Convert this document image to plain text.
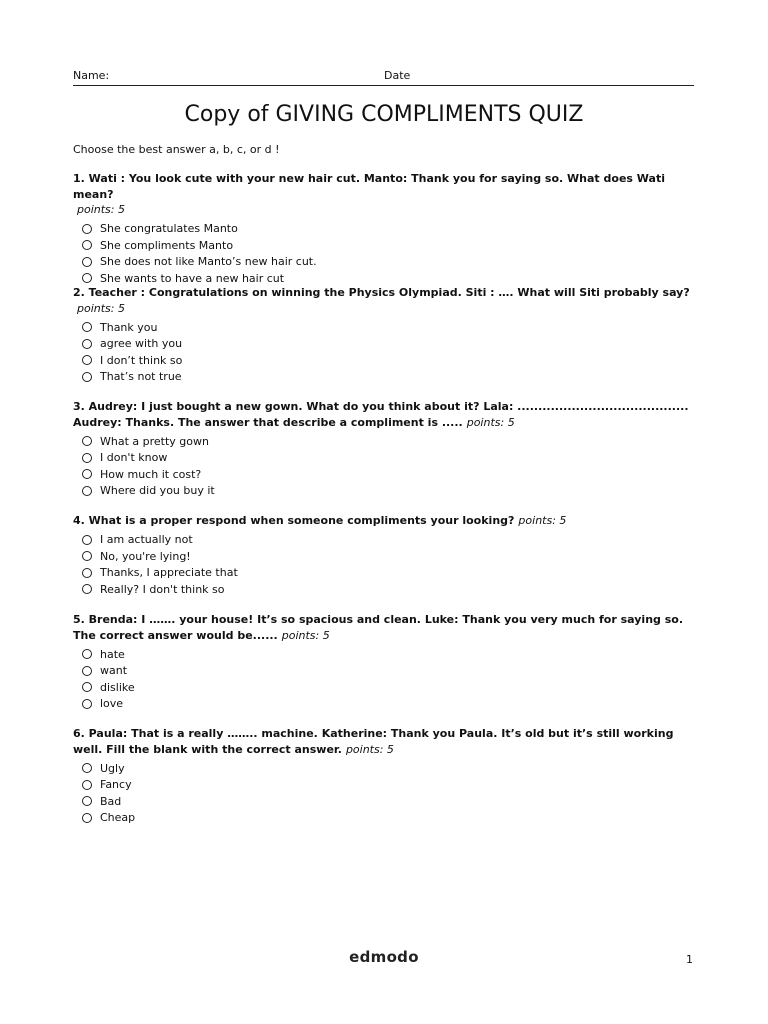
Name:	Date
Copy of GIVING COMPLIMENTS QUIZ
Choose the best answer a, b, c, or d !
1. Wati : You look cute with your new hair cut. Manto: Thank you for saying so. What does Wati mean?
points: 5
She congratulates Manto
She compliments Manto
She does not like Manto’s new hair cut.
She wants to have a new hair cut
2. Teacher : Congratulations on winning the Physics Olympiad. Siti : …. What will Siti probably say?
points: 5
Thank you
agree with you
I don’t think so
That’s not true
3. Audrey: I just bought a new gown. What do you think about it? Lala: ......................................... Audrey: Thanks. The answer that describe a compliment is ..... points: 5
What a pretty gown
I don't know
How much it cost?
Where did you buy it
4. What is a proper respond when someone compliments your looking? points: 5
I am actually not
No, you're lying!
Thanks, I appreciate that
Really? I don't think so
5. Brenda: I ……. your house! It’s so spacious and clean. Luke: Thank you very much for saying so. The correct answer would be...... points: 5
hate
want
dislike
love
6. Paula: That is a really …….. machine. Katherine: Thank you Paula. It’s old but it’s still working well. Fill the blank with the correct answer. points: 5
Ugly
Fancy
Bad
Cheap
edmodo	1
